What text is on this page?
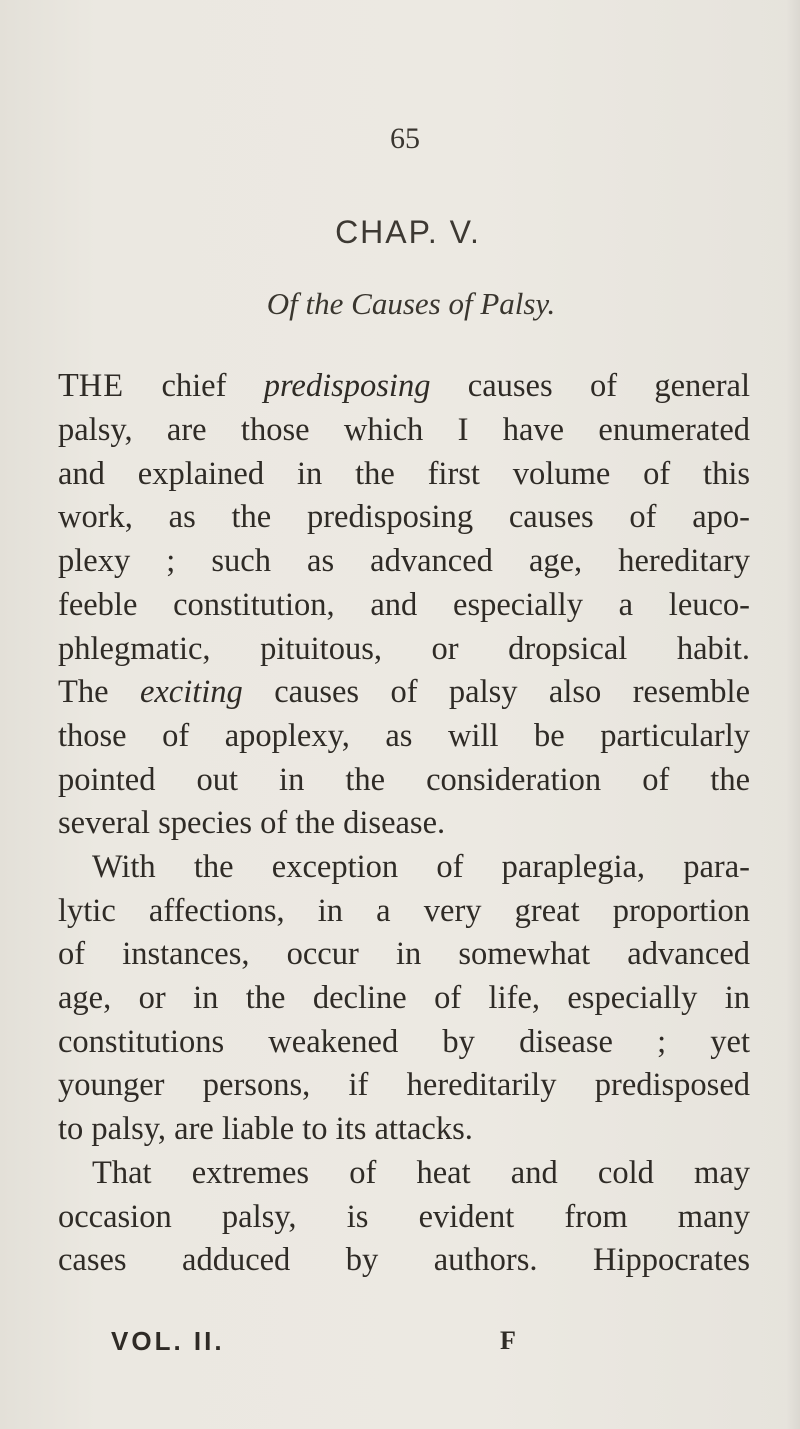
65
CHAP. V.
Of the Causes of Palsy.
THE chief predisposing causes of general
palsy, are those which I have enumerated
and explained in the first volume of this
work, as the predisposing causes of apo-
plexy ; such as advanced age, hereditary
feeble constitution, and especially a leuco-
phlegmatic, pituitous, or dropsical habit.
The exciting causes of palsy also resemble
those of apoplexy, as will be particularly
pointed out in the consideration of the
several species of the disease.
With the exception of paraplegia, para-
lytic affections, in a very great proportion
of instances, occur in somewhat advanced
age, or in the decline of life, especially in
constitutions weakened by disease ; yet
younger persons, if hereditarily predisposed
to palsy, are liable to its attacks.
That extremes of heat and cold may
occasion palsy, is evident from many
cases adduced by authors. Hippocrates
VOL. II.	F
